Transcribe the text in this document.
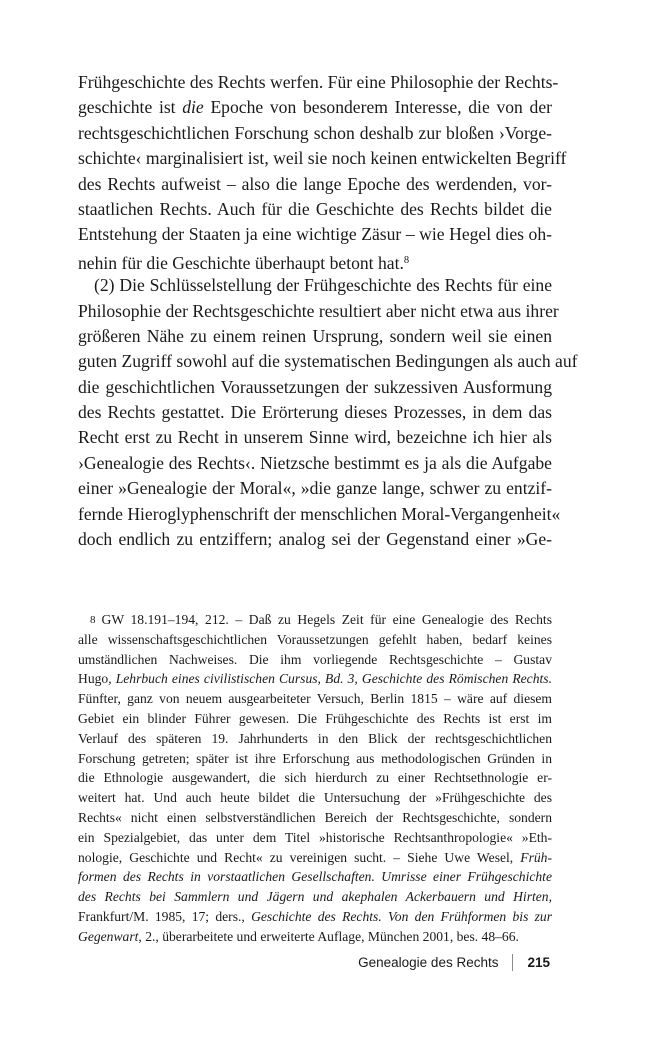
Frühgeschichte des Rechts werfen. Für eine Philosophie der Rechts-
geschichte ist die Epoche von besonderem Interesse, die von der
rechtsgeschichtlichen Forschung schon deshalb zur bloßen ›Vorge-
schichte‹ marginalisiert ist, weil sie noch keinen entwickelten Begriff
des Rechts aufweist – also die lange Epoche des werdenden, vor-
staatlichen Rechts. Auch für die Geschichte des Rechts bildet die
Entstehung der Staaten ja eine wichtige Zäsur – wie Hegel dies oh-
nehin für die Geschichte überhaupt betont hat.$^8$
(2) Die Schlüsselstellung der Frühgeschichte des Rechts für eine
Philosophie der Rechtsgeschichte resultiert aber nicht etwa aus ihrer
größeren Nähe zu einem reinen Ursprung, sondern weil sie einen
guten Zugriff sowohl auf die systematischen Bedingungen als auch auf
die geschichtlichen Voraussetzungen der sukzessiven Ausformung
des Rechts gestattet. Die Erörterung dieses Prozesses, in dem das
Recht erst zu Recht in unserem Sinne wird, bezeichne ich hier als
›Genealogie des Rechts‹. Nietzsche bestimmt es ja als die Aufgabe
einer »Genealogie der Moral«, »die ganze lange, schwer zu entzif-
fernde Hieroglyphenschrift der menschlichen Moral-Vergangenheit«
doch endlich zu entziffern; analog sei der Gegenstand einer »Ge-
8 GW 18.191–194, 212. – Daß zu Hegels Zeit für eine Genealogie des Rechts
alle wissenschaftsgeschichtlichen Voraussetzungen gefehlt haben, bedarf keines
umständlichen Nachweises. Die ihm vorliegende Rechtsgeschichte – Gustav
Hugo, Lehrbuch eines civilistischen Cursus, Bd. 3, Geschichte des Römischen Rechts.
Fünfter, ganz von neuem ausgearbeiteter Versuch, Berlin 1815 – wäre auf diesem
Gebiet ein blinder Führer gewesen. Die Frühgeschichte des Rechts ist erst im
Verlauf des späteren 19. Jahrhunderts in den Blick der rechtsgeschichtlichen
Forschung getreten; später ist ihre Erforschung aus methodologischen Gründen in
die Ethnologie ausgewandert, die sich hierdurch zu einer Rechtsethnologie er-
weitert hat. Und auch heute bildet die Untersuchung der »Frühgeschichte des
Rechts« nicht einen selbstverständlichen Bereich der Rechtsgeschichte, sondern
ein Spezialgebiet, das unter dem Titel »historische Rechtsanthropologie« »Eth-
nologie, Geschichte und Recht« zu vereinigen sucht. – Siehe Uwe Wesel, Früh-
formen des Rechts in vorstaatlichen Gesellschaften. Umrisse einer Frühgeschichte
des Rechts bei Sammlern und Jägern und akephalen Ackerbauern und Hirten,
Frankfurt/M. 1985, 17; ders., Geschichte des Rechts. Von den Frühformen bis zur
Gegenwart, 2., überarbeitete und erweiterte Auflage, München 2001, bes. 48–66.
Genealogie des Rechts 215
